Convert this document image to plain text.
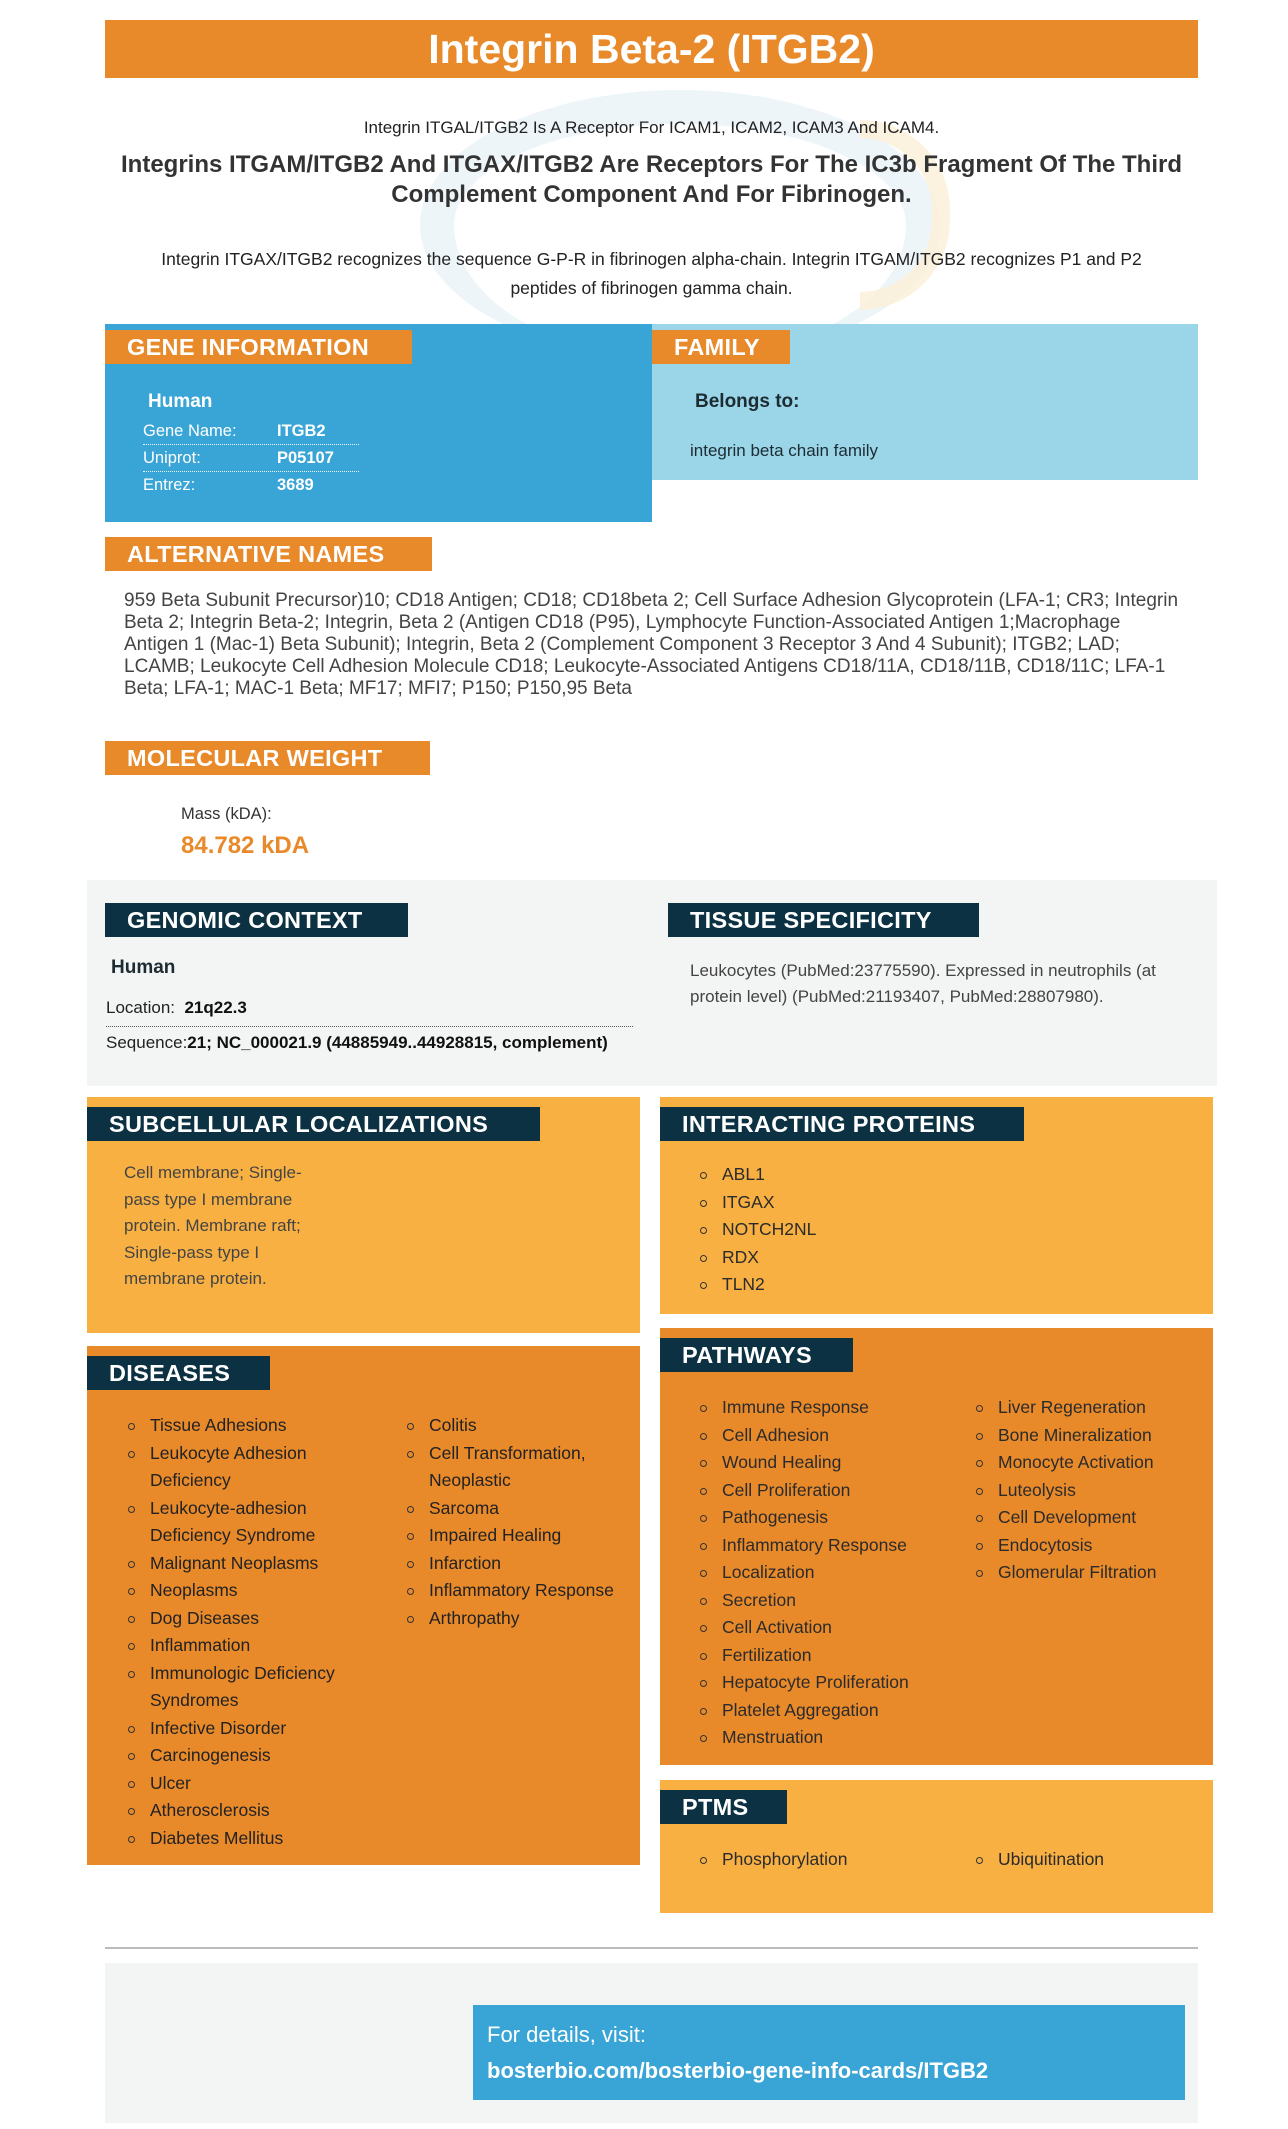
Integrin Beta-2 (ITGB2)
Integrin ITGAL/ITGB2 Is A Receptor For ICAM1, ICAM2, ICAM3 And ICAM4.
Integrins ITGAM/ITGB2 And ITGAX/ITGB2 Are Receptors For The IC3b Fragment Of The Third Complement Component And For Fibrinogen.
Integrin ITGAX/ITGB2 recognizes the sequence G-P-R in fibrinogen alpha-chain. Integrin ITGAM/ITGB2 recognizes P1 and P2 peptides of fibrinogen gamma chain.
GENE INFORMATION	FAMILY
Human
Gene Name: ITGB2
Uniprot:	P05107
Entrez:	3689
Belongs to:
integrin beta chain family
ALTERNATIVE NAMES
959 Beta Subunit Precursor)10; CD18 Antigen; CD18; CD18beta 2; Cell Surface Adhesion Glycoprotein (LFA-1; CR3; Integrin Beta 2; Integrin Beta-2; Integrin, Beta 2 (Antigen CD18 (P95), Lymphocyte Function-Associated Antigen 1;Macrophage Antigen 1 (Mac-1) Beta Subunit); Integrin, Beta 2 (Complement Component 3 Receptor 3 And 4 Subunit); ITGB2; LAD; LCAMB; Leukocyte Cell Adhesion Molecule CD18; Leukocyte-Associated Antigens CD18/11A, CD18/11B, CD18/11C; LFA-1 Beta; LFA-1; MAC-1 Beta; MF17; MFI7; P150; P150,95 Beta
MOLECULAR WEIGHT
Mass (kDA):
84.782 kDA
GENOMIC CONTEXT	TISSUE SPECIFICITY
Human
Location: 21q22.3
Sequence:21; NC_000021.9 (44885949..44928815, complement)
Leukocytes (PubMed:23775590). Expressed in neutrophils (at protein level) (PubMed:21193407, PubMed:28807980).
SUBCELLULAR LOCALIZATIONS
Cell membrane; Single-pass type I membrane protein. Membrane raft; Single-pass type I membrane protein.
INTERACTING PROTEINS
ABL1
ITGAX
NOTCH2NL
RDX
TLN2
DISEASES
Tissue Adhesions
Leukocyte Adhesion Deficiency
Leukocyte-adhesion Deficiency Syndrome
Malignant Neoplasms
Neoplasms
Dog Diseases
Inflammation
Immunologic Deficiency Syndromes
Infective Disorder
Carcinogenesis
Ulcer
Atherosclerosis
Diabetes Mellitus
Colitis
Cell Transformation, Neoplastic
Sarcoma
Impaired Healing
Infarction
Inflammatory Response
Arthropathy
PATHWAYS
Immune Response
Cell Adhesion
Wound Healing
Cell Proliferation
Pathogenesis
Inflammatory Response
Localization
Secretion
Cell Activation
Fertilization
Hepatocyte Proliferation
Platelet Aggregation
Menstruation
Liver Regeneration
Bone Mineralization
Monocyte Activation
Luteolysis
Cell Development
Endocytosis
Glomerular Filtration
PTMS
Phosphorylation	Ubiquitination
For details, visit:
bosterbio.com/bosterbio-gene-info-cards/ITGB2
